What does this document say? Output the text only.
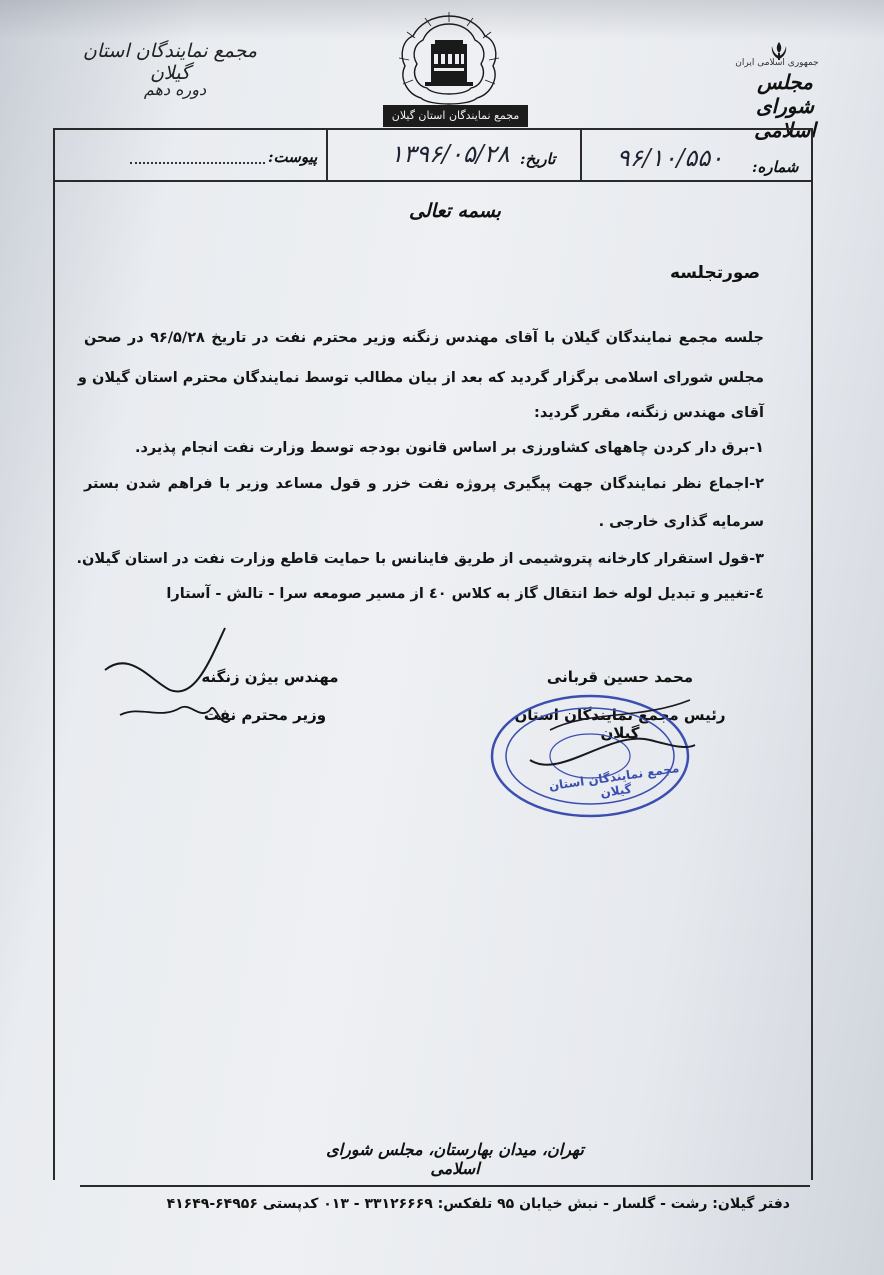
مجمع نمایندگان استان گیلان
دوره دهم
مجمع نمایندگان استان گیلان
جمهوری اسلامی ایران
مجلس شورای اسلامی
شماره:
۹۶/۱۰/۵۵۰
تاریخ:
۱۳۹۶/۰۵/۲۸
پیوست:
بسمه تعالی
صورتجلسه
جلسه مجمع نمایندگان گیلان با آقای مهندس زنگنه وزیر محترم نفت در تاریخ ۹۶/۵/۲۸ در صحن
مجلس شورای اسلامی برگزار گردید که بعد از بیان مطالب توسط نمایندگان محترم استان گیلان و
آقای مهندس زنگنه، مقرر گردید:
۱-برق دار کردن چاههای کشاورزی بر اساس قانون بودجه توسط وزارت نفت انجام پذیرد.
۲-اجماع نظر نمایندگان جهت پیگیری پروژه نفت خزر و قول مساعد وزیر با فراهم شدن بستر
سرمایه گذاری خارجی .
۳-قول استقرار کارخانه پتروشیمی از طریق فاینانس با حمایت قاطع وزارت نفت در استان گیلان.
٤-تغییر و تبدیل لوله خط انتقال گاز به کلاس ٤٠ از مسیر صومعه سرا - تالش - آستارا
مهندس بیژن زنگنه
وزیر محترم نفت
محمد حسین قربانی
رئیس مجمع نمایندگان استان گیلان
مجمع نمایندگان استان گیلان
تهران، میدان بهارستان، مجلس شورای اسلامی
دفتر گیلان: رشت - گلسار - نبش خیابان ۹۵ تلفکس: ۳۳۱۲۶۶۶۹ - ۰۱۳ کدپستی ۶۴۹۵۶-۴۱۶۴۹
